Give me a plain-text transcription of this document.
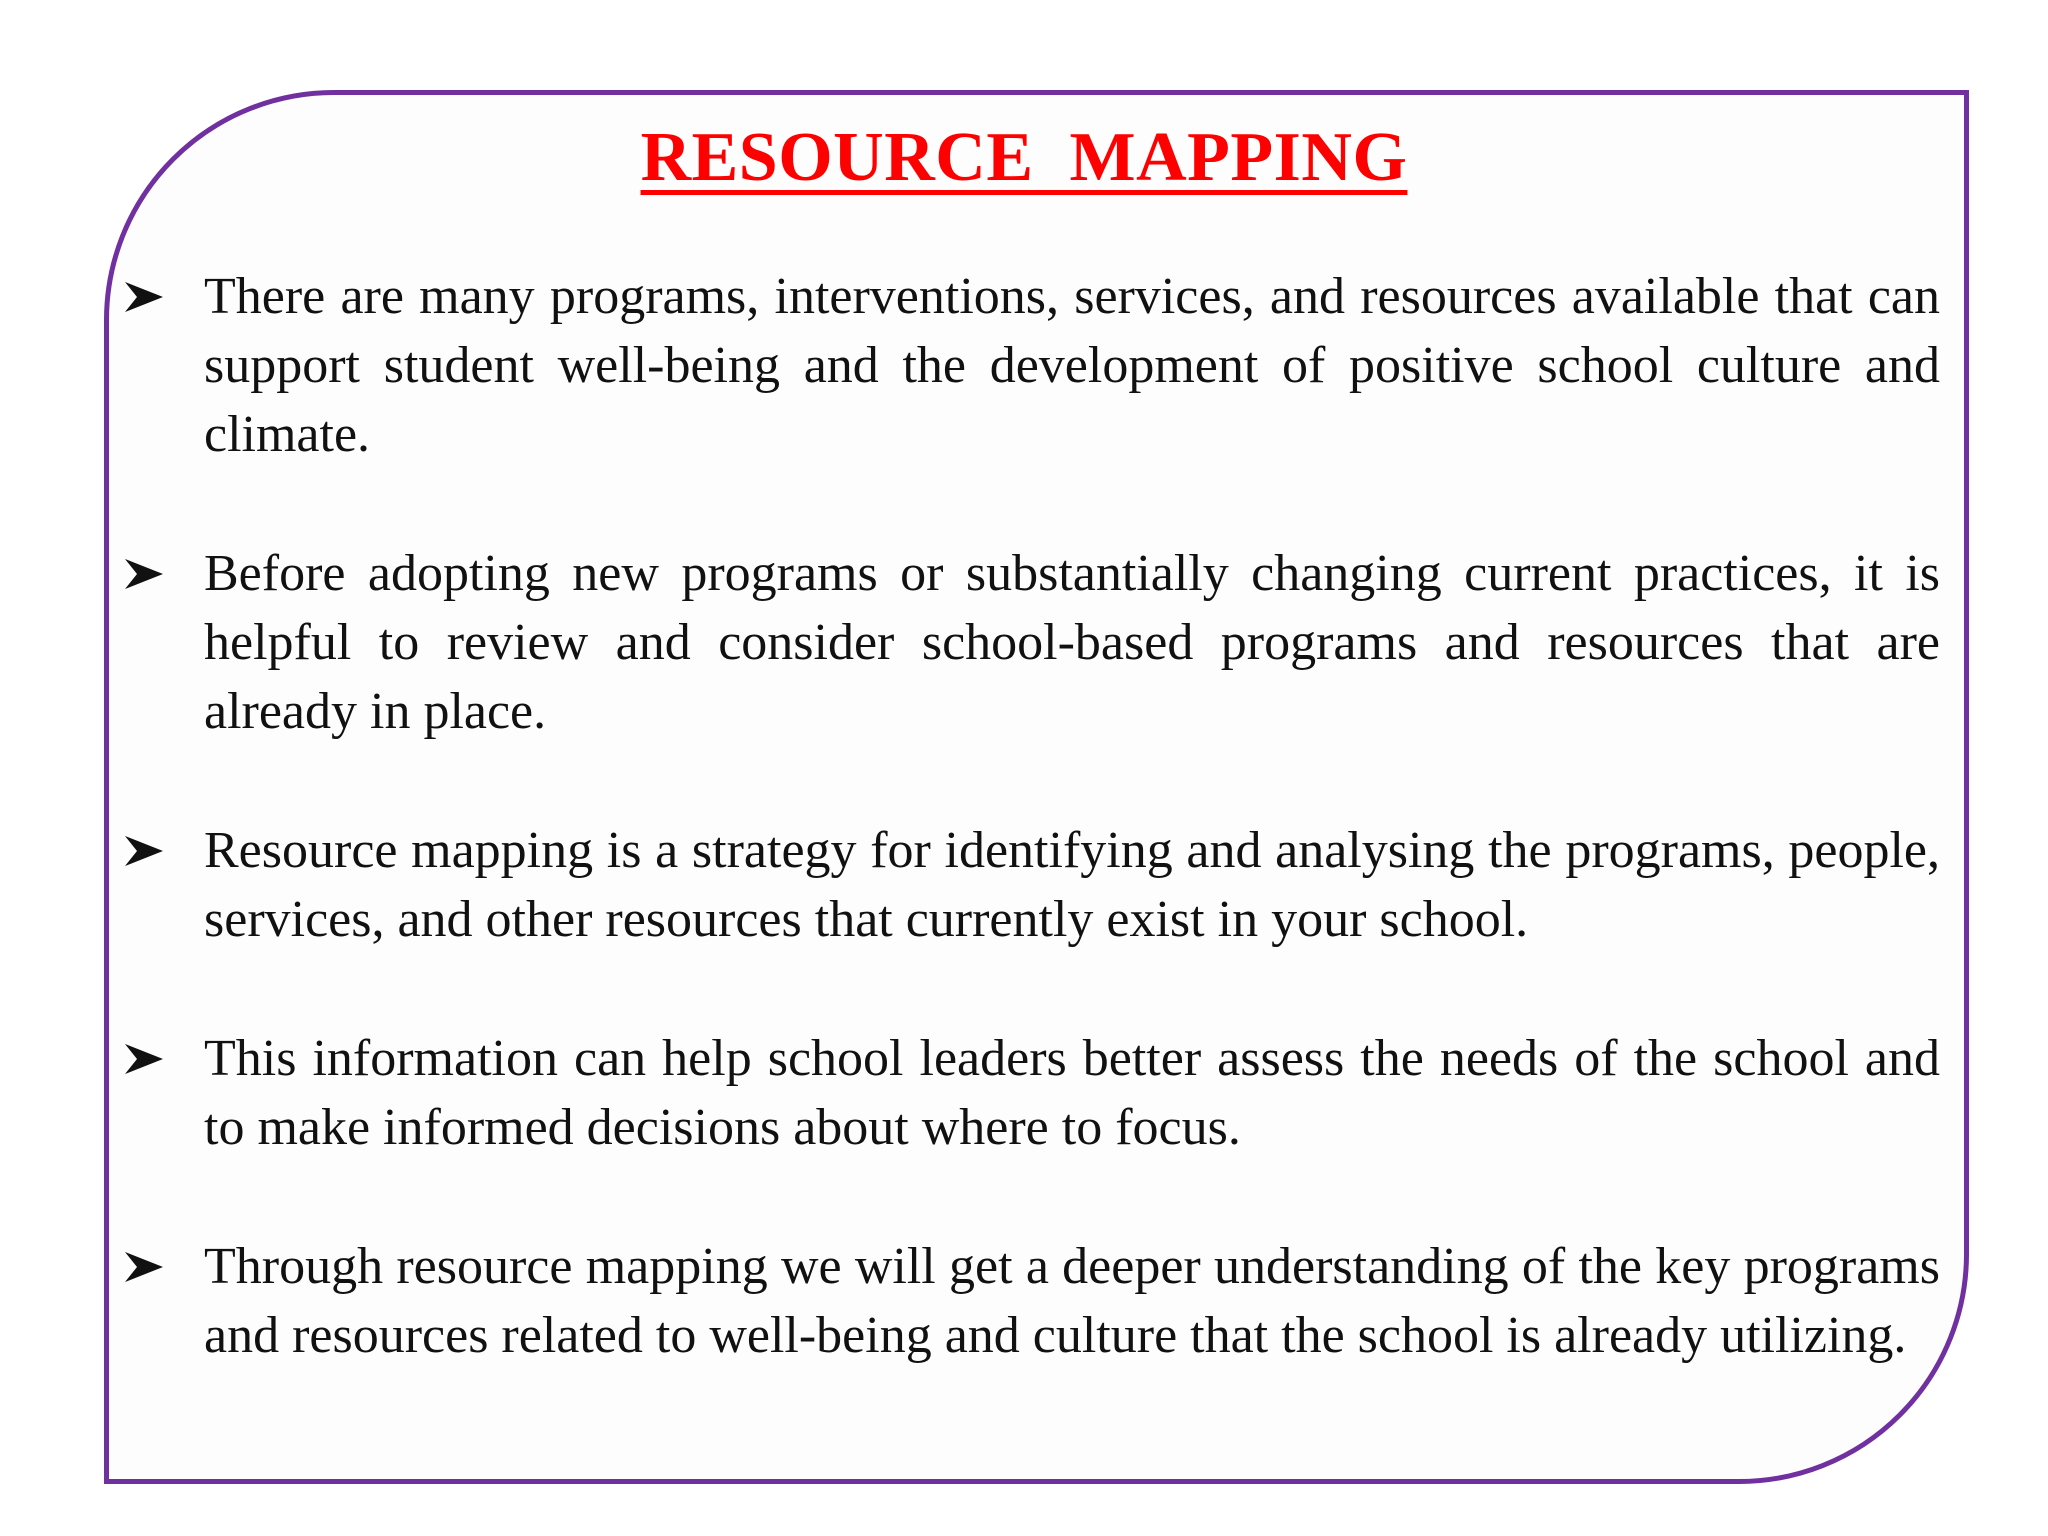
RESOURCE  MAPPING
There are many programs, interventions, services, and resources available that can support student well-being and the development of positive school culture and climate.
Before adopting new programs or substantially changing current practices, it is helpful to review and consider school-based programs and resources that are already in place.
Resource mapping is a strategy for identifying and analysing the programs, people, services, and other resources that currently exist in your school.
This information can help school leaders better assess the needs of the school and to make informed decisions about where to focus.
Through resource mapping we will get a deeper understanding of the key programs and resources related to well-being and culture that the school is already utilizing.
